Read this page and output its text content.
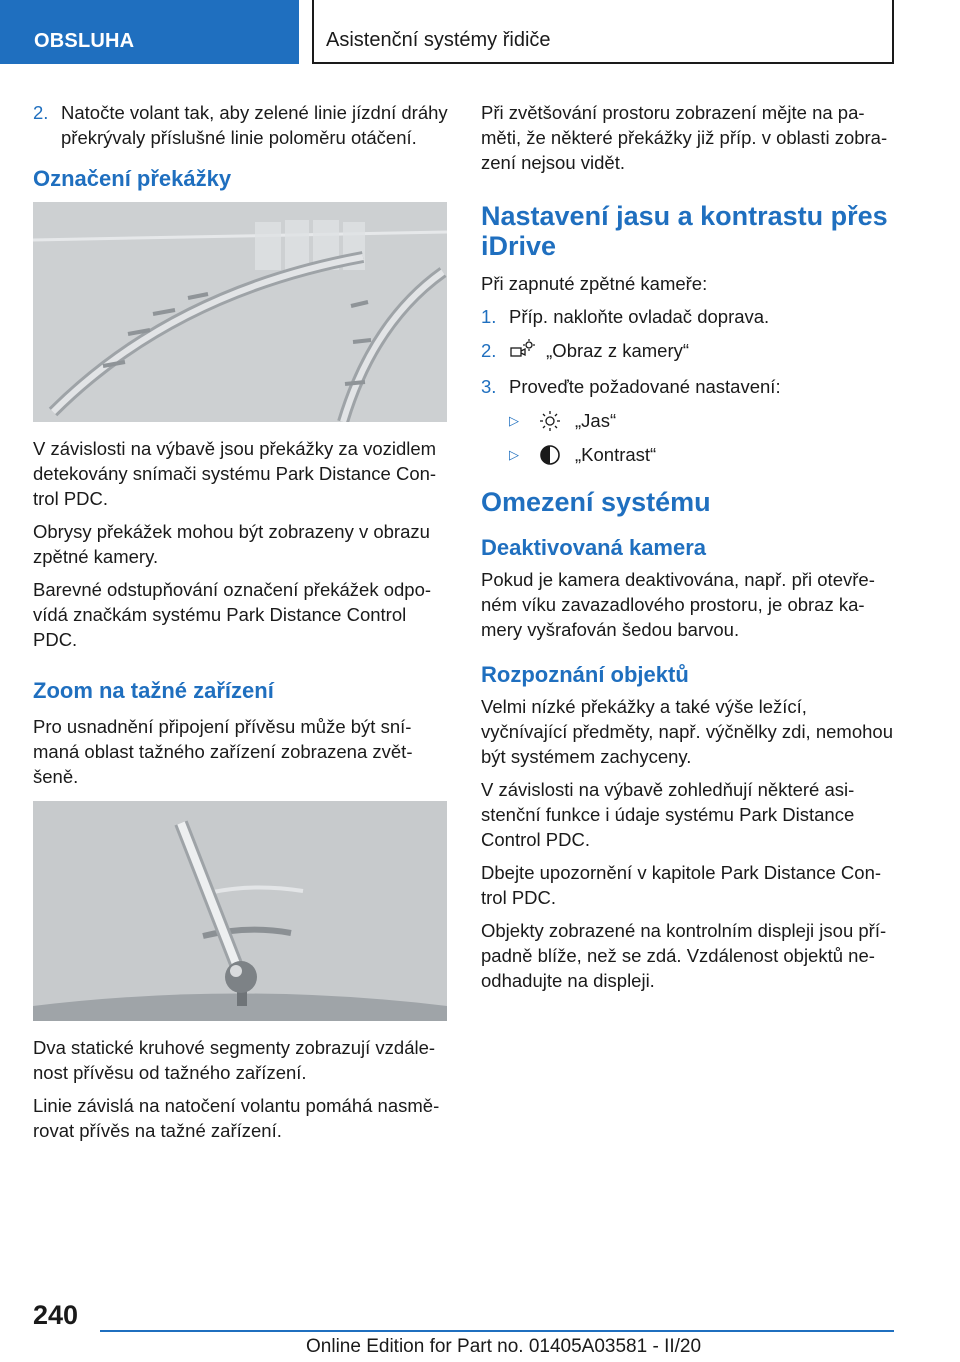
OBSLUHA	Asistenční systémy řidiče
2. Natočte volant tak, aby zelené linie jízdní dráhy překrývaly příslušné linie poloměru otáčení.
Označení překážky

V závislosti na výbavě jsou překážky za vozidlem detekovány snímači systému Park Distance Control PDC.

Obrysy překážek mohou být zobrazeny v obrazu zpětné kamery.

Barevné odstupňování označení překážek odpovídá značkám systému Park Distance Control PDC.

Zoom na tažné zařízení

Pro usnadnění připojení přívěsu může být snímaná oblast tažného zařízení zobrazena zvětšeně.

Dva statické kruhové segmenty zobrazují vzdálenost přívěsu od tažného zařízení.

Linie závislá na natočení volantu pomáhá nasměrovat přívěs na tažné zařízení.

Při zvětšování prostoru zobrazení mějte na paměti, že některé překážky již příp. v oblasti zobrazení nejsou vidět.

Nastavení jasu a kontrastu přes iDrive

Při zapnuté zpětné kameře:

1. Příp. nakloňte ovladač doprava.
2.	„Obraz z kamery“
3. Proveďte požadované nastavení:
▷	„Jas“
▷	„Kontrast“
Omezení systému
Deaktivovaná kamera

Pokud je kamera deaktivována, např. při otevřeném víku zavazadlového prostoru, je obraz kamery vyšrafován šedou barvou.

Rozpoznání objektů

Velmi nízké překážky a také výše ležící, vyčnívající předměty, např. výčnělky zdi, nemohou být systémem zachyceny.

V závislosti na výbavě zohledňují některé asistenční funkce i údaje systému Park Distance Control PDC.

Dbejte upozornění v kapitole Park Distance Control PDC.

Objekty zobrazené na kontrolním displeji jsou případně blíže, než se zdá. Vzdálenost objektů neodhadujte na displeji.

240
Online Edition for Part no. 01405A03581 - II/20
